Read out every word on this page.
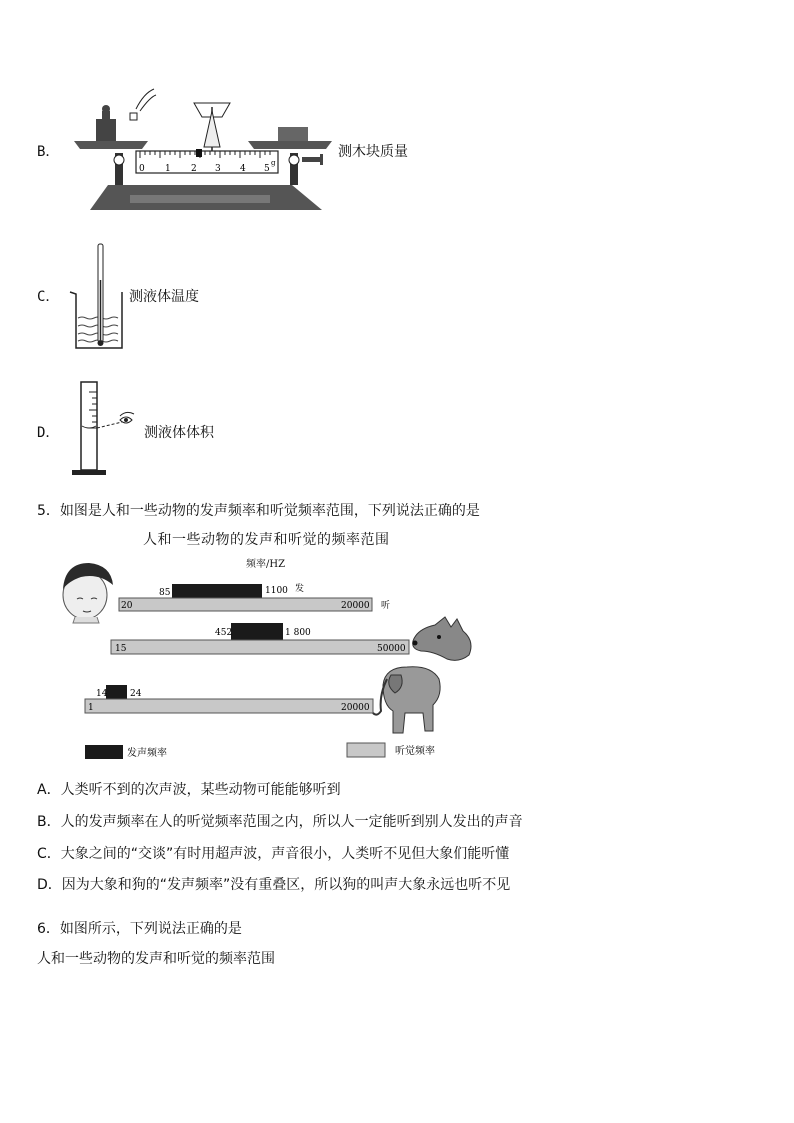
B．
0 1 2 3 4 5
g
测木块质量
C．	测液体温度
D．	测液体体积
5．如图是人和一些动物的发声频率和听觉频率范围，下列说法正确的是
人和一些动物的发声和听觉的频率范围
频率/HZ
85	1100 发
20	20000 听
452	1 800
15	50000
14	24
1	20000
发声频率	听觉频率
A．人类听不到的次声波，某些动物可能能够听到
B．人的发声频率在人的听觉频率范围之内，所以人一定能听到别人发出的声音
C．大象之间的“交谈”有时用超声波，声音很小，人类听不见但大象们能听懂
D．因为大象和狗的“发声频率”没有重叠区，所以狗的叫声大象永远也听不见
6．如图所示，下列说法正确的是
人和一些动物的发声和听觉的频率范围
